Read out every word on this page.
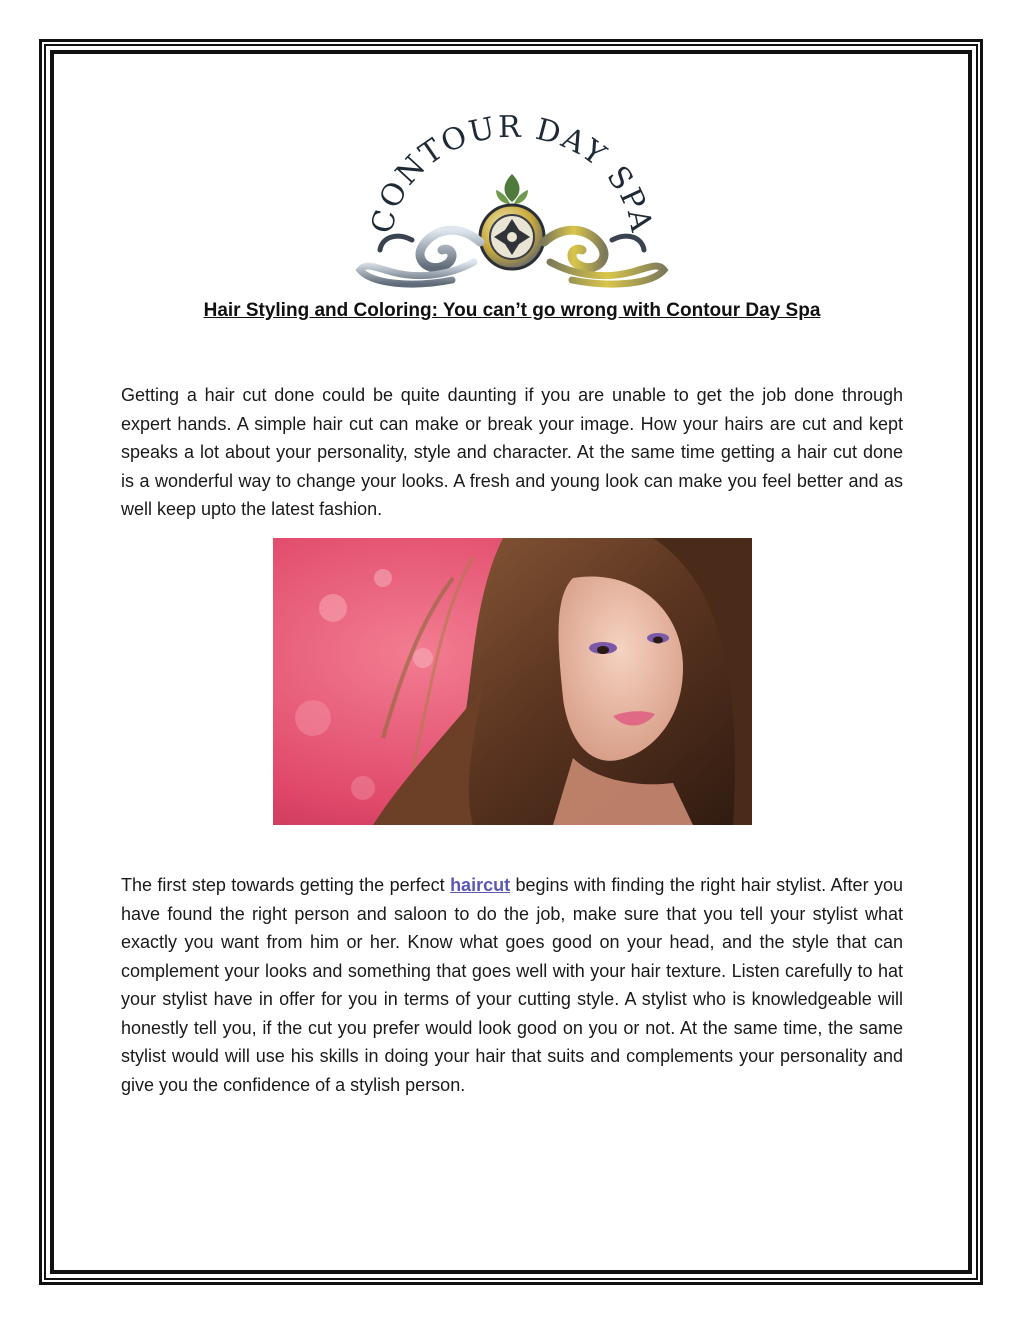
CONTOUR DAY SPA
Hair Styling and Coloring: You can’t go wrong with Contour Day Spa

Getting a hair cut done could be quite daunting if you are unable to get the job done through expert hands. A simple hair cut can make or break your image. How your hairs are cut and kept speaks a lot about your personality, style and character. At the same time getting a hair cut done is a wonderful way to change your looks. A fresh and young look can make you feel better and as well keep upto the latest fashion.

The first step towards getting the perfect haircut begins with finding the right hair stylist. After you have found the right person and saloon to do the job, make sure that you tell your stylist what exactly you want from him or her. Know what goes good on your head, and the style that can complement your looks and something that goes well with your hair texture. Listen carefully to hat your stylist have in offer for you in terms of your cutting style. A stylist who is knowledgeable will honestly tell you, if the cut you prefer would look good on you or not. At the same time, the same stylist would will use his skills in doing your hair that suits and complements your personality and give you the confidence of a stylish person.
